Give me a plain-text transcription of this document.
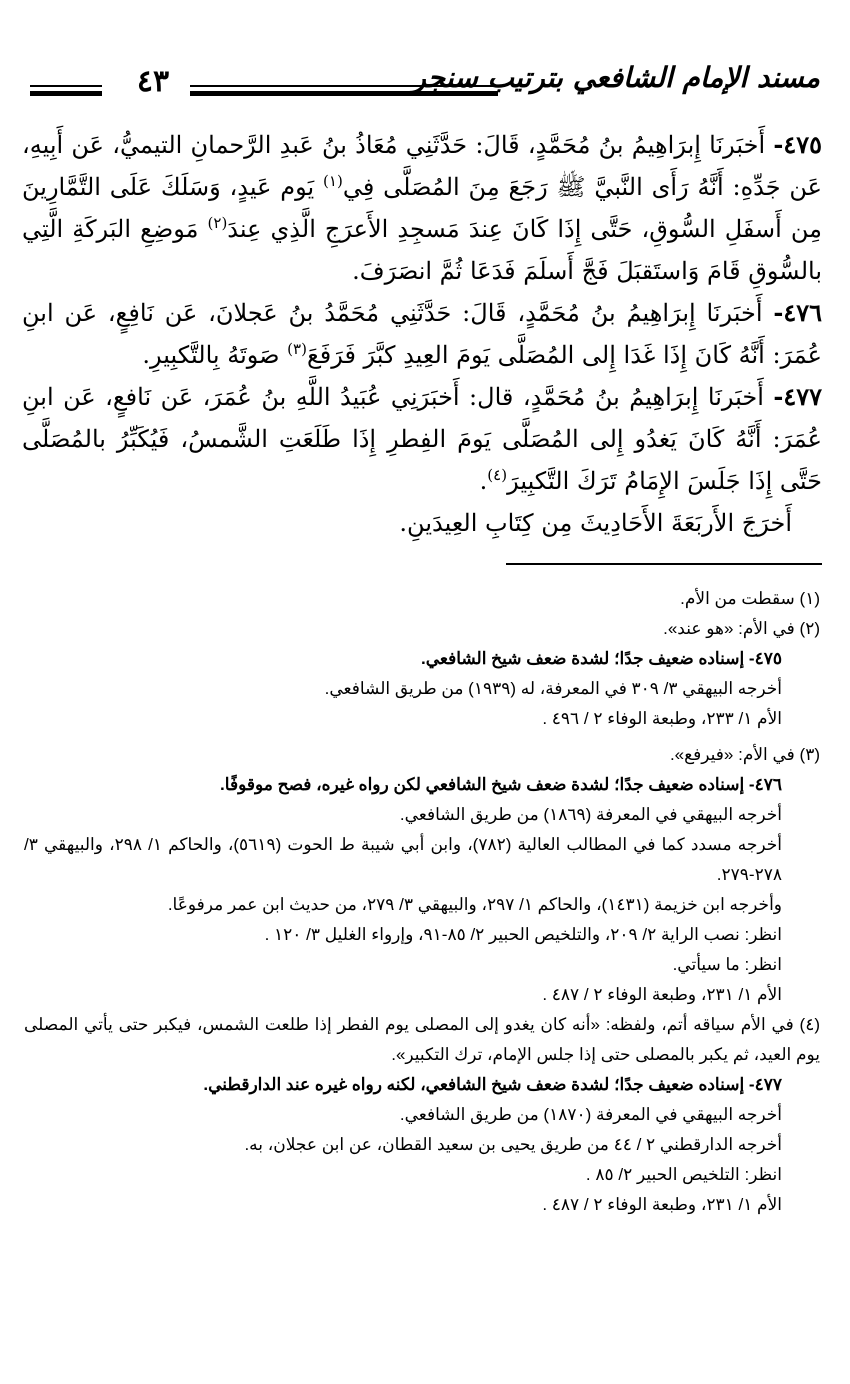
مسند الإمام الشافعي بترتيب سنجر
٤٣

٤٧٥- أَخبَرنَا إِبرَاهِيمُ بنُ مُحَمَّدٍ، قَالَ: حَدَّثَنِي مُعَاذُ بنُ عَبدِ الرَّحمانِ التيميُّ، عَن أَبِيهِ، عَن جَدِّهِ: أَنَّهُ رَأَى النَّبيَّ ﷺ رَجَعَ مِنَ المُصَلَّى فِي$^{(١)}$ يَوم عَيدٍ، وَسَلَكَ عَلَى التَّمَّارِينَ مِن أَسفَلِ السُّوقِ، حَتَّى إِذَا كَانَ عِندَ مَسجِدِ الأَعرَجِ الَّذِي عِندَ$^{(٢)}$ مَوضِعِ البَركَةِ الَّتِي بالسُّوقِ قَامَ وَاستَقبَلَ فَجَّ أَسلَمَ فَدَعَا ثُمَّ انصَرَفَ.

٤٧٦- أَخبَرنَا إِبرَاهِيمُ بنُ مُحَمَّدٍ، قَالَ: حَدَّثَنِي مُحَمَّدُ بنُ عَجلانَ، عَن نَافِعٍ، عَن ابنِ عُمَرَ: أَنَّهُ كَانَ إِذَا غَدَا إِلى المُصَلَّى يَومَ العِيدِ كبَّرَ فَرَفَعَ$^{(٣)}$ صَوتَهُ بِالتَّكبِيرِ.

٤٧٧- أَخبَرنَا إِبرَاهِيمُ بنُ مُحَمَّدٍ، قال: أَخبَرَنِي عُبَيدُ اللَّهِ بنُ عُمَرَ، عَن نَافعٍ، عَن ابنِ عُمَرَ: أَنَّهُ كَانَ يَغدُو إِلى المُصَلَّى يَومَ الفِطرِ إِذَا طَلَعَتِ الشَّمسُ، فَيُكَبِّرُ بالمُصَلَّى حَتَّى إِذَا جَلَسَ الإِمَامُ تَرَكَ التَّكبِيرَ$^{(٤)}$.

أَخرَجَ الأَربَعَةَ الأَحَادِيثَ مِن كِتَابِ العِيدَينِ.

(١) سقطت من الأم.

(٢) في الأم: «هو عند».

٤٧٥- إسناده ضعيف جدًا؛ لشدة ضعف شيخ الشافعي.

أخرجه البيهقي ٣/ ٣٠٩ في المعرفة، له (١٩٣٩) من طريق الشافعي.

الأم ١/ ٢٣٣، وطبعة الوفاء ٢ / ٤٩٦ .

(٣) في الأم: «فيرفع».

٤٧٦- إسناده ضعيف جدًا؛ لشدة ضعف شيخ الشافعي لكن رواه غيره، فصح موقوفًا.

أخرجه البيهقي في المعرفة (١٨٦٩) من طريق الشافعي.

أخرجه مسدد كما في المطالب العالية (٧٨٢)، وابن أبي شيبة ط الحوت (٥٦١٩)، والحاكم ١/ ٢٩٨، والبيهقي ٣/ ٢٧٨-٢٧٩.

وأخرجه ابن خزيمة (١٤٣١)، والحاكم ١/ ٢٩٧، والبيهقي ٣/ ٢٧٩، من حديث ابن عمر مرفوعًا.

انظر: نصب الراية ٢/ ٢٠٩، والتلخيص الحبير ٢/ ٨٥-٩١، وإرواء الغليل ٣/ ١٢٠ .

انظر: ما سيأتي.

الأم ١/ ٢٣١، وطبعة الوفاء ٢ / ٤٨٧ .

(٤) في الأم سياقه أتم، ولفظه: «أنه كان يغدو إلى المصلى يوم الفطر إذا طلعت الشمس، فيكبر حتى يأتي المصلى يوم العيد، ثم يكبر بالمصلى حتى إذا جلس الإمام، ترك التكبير».

٤٧٧- إسناده ضعيف جدًا؛ لشدة ضعف شيخ الشافعي، لكنه رواه غيره عند الدارقطني.

أخرجه البيهقي في المعرفة (١٨٧٠) من طريق الشافعي.

أخرجه الدارقطني ٢ / ٤٤ من طريق يحيى بن سعيد القطان، عن ابن عجلان، به.

انظر: التلخيص الحبير ٢/ ٨٥ .

الأم ١/ ٢٣١، وطبعة الوفاء ٢ / ٤٨٧ .
